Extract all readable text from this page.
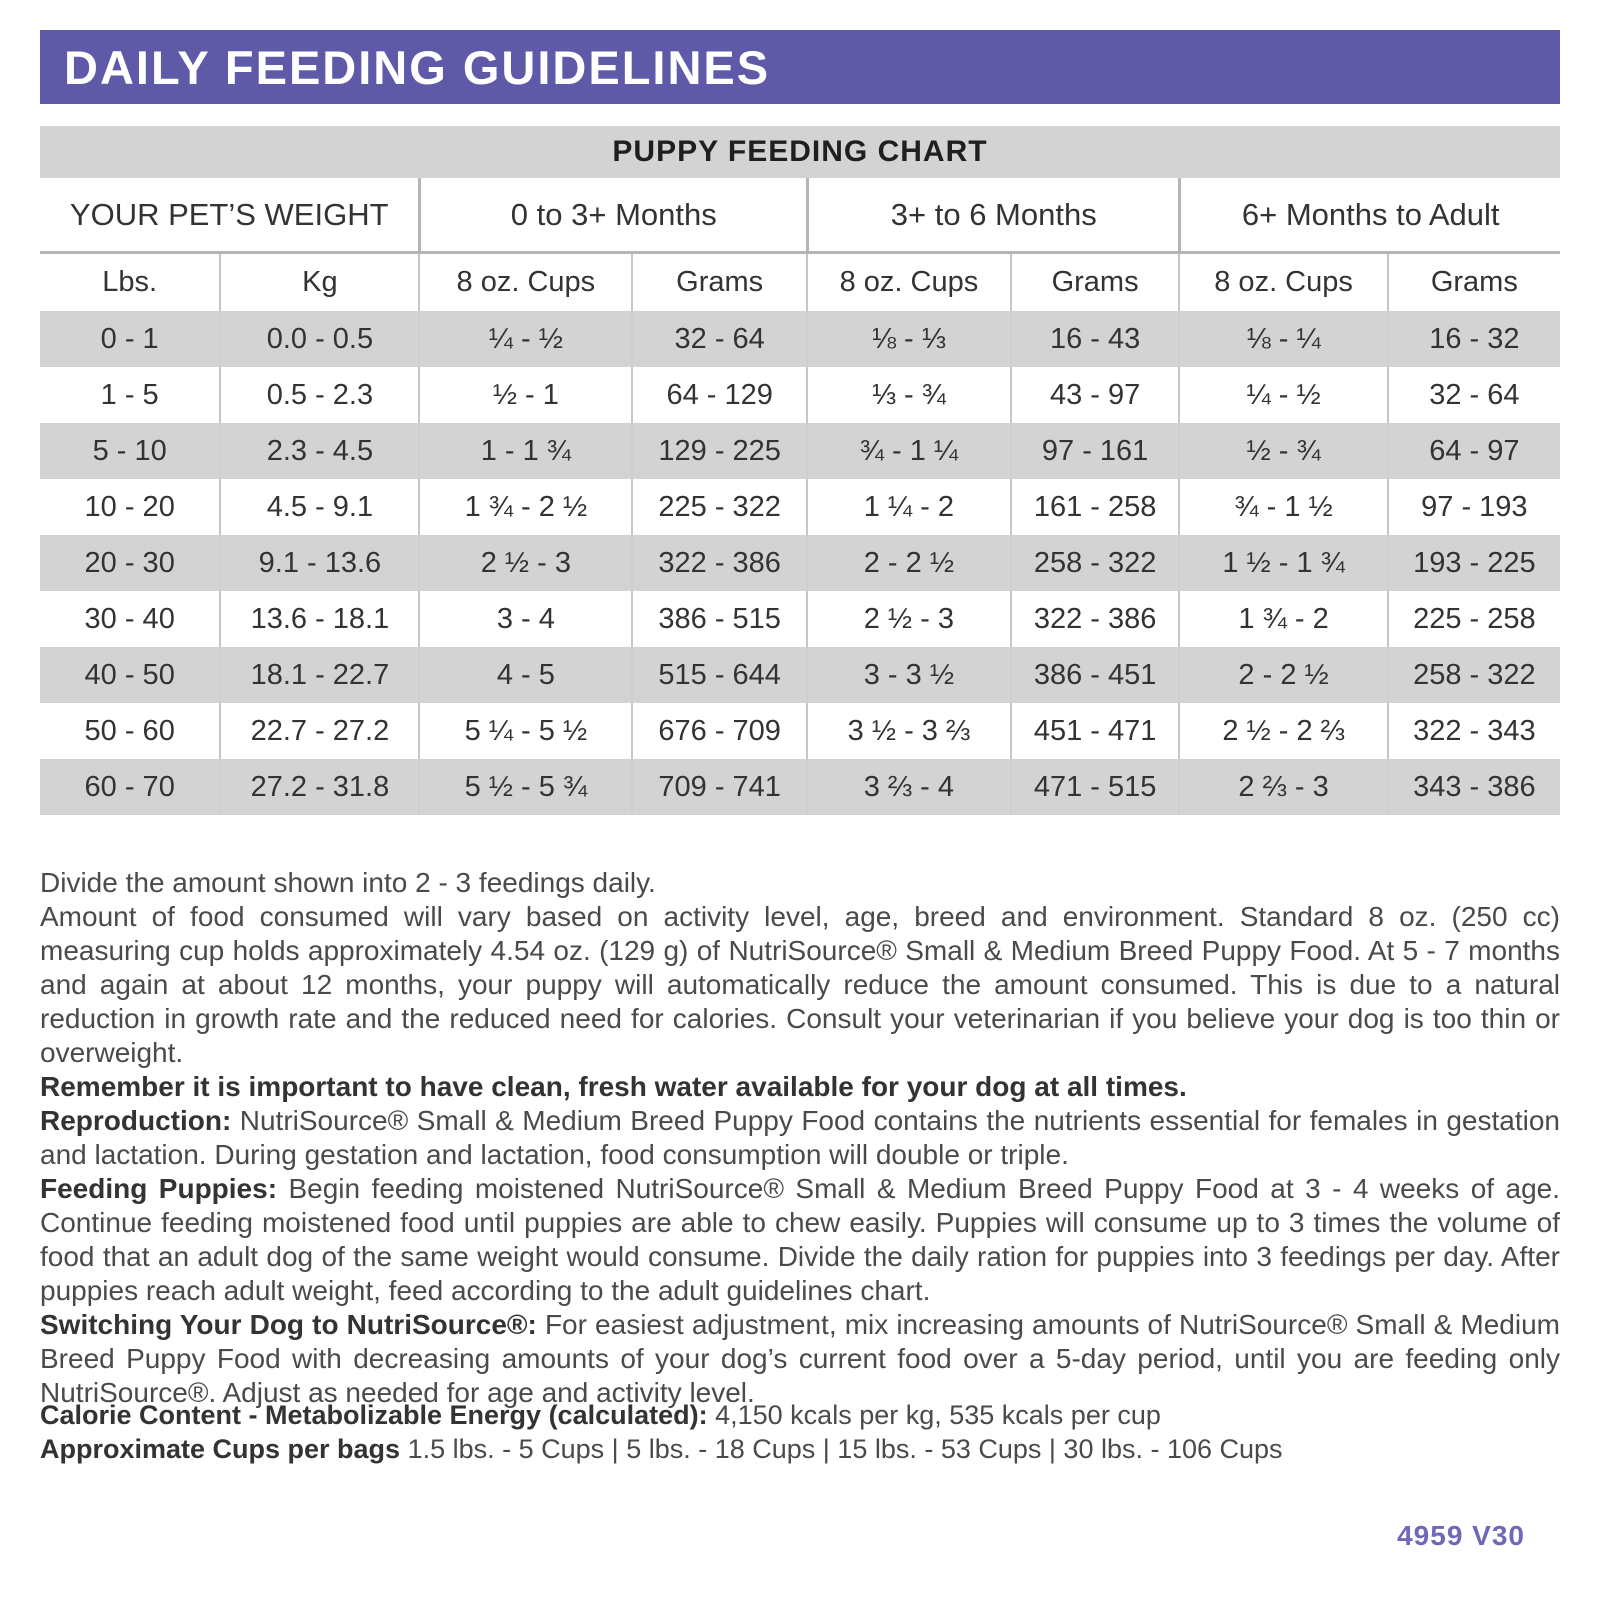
DAILY FEEDING GUIDELINES
PUPPY FEEDING CHART
YOUR PET’S WEIGHT		0 to 3+ Months		3+ to 6 Months		6+ Months to Adult	
Lbs.	Kg	8 oz. Cups	Grams	8 oz. Cups	Grams	8 oz. Cups	Grams
0 - 1	0.0 - 0.5	¼ - ½	32 - 64	⅛ - ⅓	16 - 43	⅛ - ¼	16 - 32
1 - 5	0.5 - 2.3	½ - 1	64 - 129	⅓ - ¾	43 - 97	¼ - ½	32 - 64
5 - 10	2.3 - 4.5	1 - 1 ¾	129 - 225	¾ - 1 ¼	97 - 161	½ - ¾	64 - 97
10 - 20	4.5 - 9.1	1 ¾ - 2 ½	225 - 322	1 ¼ - 2	161 - 258	¾ - 1 ½	97 - 193
20 - 30	9.1 - 13.6	2 ½ - 3	322 - 386	2 - 2 ½	258 - 322	1 ½ - 1 ¾	193 - 225
30 - 40	13.6 - 18.1	3 - 4	386 - 515	2 ½ - 3	322 - 386	1 ¾ - 2	225 - 258
40 - 50	18.1 - 22.7	4 - 5	515 - 644	3 - 3 ½	386 - 451	2 - 2 ½	258 - 322
50 - 60	22.7 - 27.2	5 ¼ - 5 ½	676 - 709	3 ½ - 3 ⅔	451 - 471	2 ½ - 2 ⅔	322 - 343
60 - 70	27.2 - 31.8	5 ½ - 5 ¾	709 - 741	3 ⅔ - 4	471 - 515	2 ⅔ - 3	343 - 386

Divide the amount shown into 2 - 3 feedings daily.

Amount of food consumed will vary based on activity level, age, breed and environment. Standard 8 oz. (250 cc) measuring cup holds approximately 4.54 oz. (129 g) of NutriSource® Small & Medium Breed Puppy Food. At 5 - 7 months and again at about 12 months, your puppy will automatically reduce the amount consumed. This is due to a natural reduction in growth rate and the reduced need for calories. Consult your veterinarian if you believe your dog is too thin or overweight.

Remember it is important to have clean, fresh water available for your dog at all times.

Reproduction: NutriSource® Small & Medium Breed Puppy Food contains the nutrients essential for females in gestation and lactation. During gestation and lactation, food consumption will double or triple.

Feeding Puppies: Begin feeding moistened NutriSource® Small & Medium Breed Puppy Food at 3 - 4 weeks of age. Continue feeding moistened food until puppies are able to chew easily. Puppies will consume up to 3 times the volume of food that an adult dog of the same weight would consume. Divide the daily ration for puppies into 3 feedings per day. After puppies reach adult weight, feed according to the adult guidelines chart.

Switching Your Dog to NutriSource®: For easiest adjustment, mix increasing amounts of NutriSource® Small & Medium Breed Puppy Food with decreasing amounts of your dog’s current food over a 5-day period, until you are feeding only NutriSource®. Adjust as needed for age and activity level.

Calorie Content - Metabolizable Energy (calculated): 4,150 kcals per kg, 535 kcals per cup

Approximate Cups per bags 1.5 lbs. - 5 Cups | 5 lbs. - 18 Cups | 15 lbs. - 53 Cups | 30 lbs. - 106 Cups

4959 V30
